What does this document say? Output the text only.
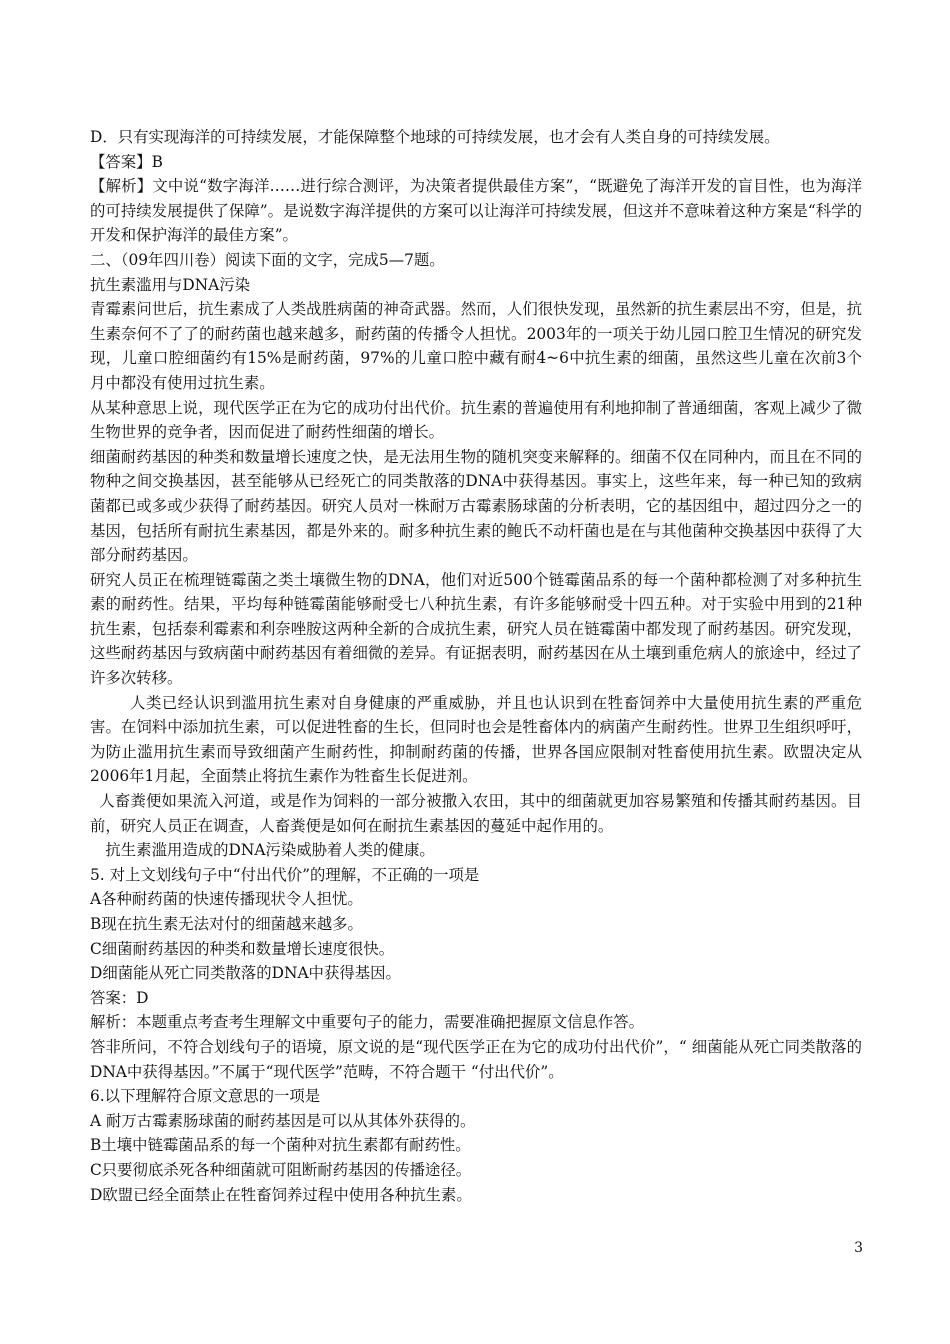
D．只有实现海洋的可持续发展，才能保障整个地球的可持续发展，也才会有人类自身的可持续发展。

【答案】B

【解析】文中说“数字海洋……进行综合测评，为决策者提供最佳方案”，“既避免了海洋开发的盲目性，也为海洋的可持续发展提供了保障”。是说数字海洋提供的方案可以让海洋可持续发展，但这并不意味着这种方案是“科学的开发和保护海洋的最佳方案”。

二、（09年四川卷）阅读下面的文字，完成5—7题。

抗生素滥用与DNA污染

青霉素问世后，抗生素成了人类战胜病菌的神奇武器。然而，人们很快发现，虽然新的抗生素层出不穷，但是，抗生素奈何不了了的耐药菌也越来越多，耐药菌的传播令人担忧。2003年的一项关于幼儿园口腔卫生情况的研究发现，儿童口腔细菌约有15%是耐药菌，97%的儿童口腔中藏有耐4~6中抗生素的细菌，虽然这些儿童在次前3个月中都没有使用过抗生素。

从某种意思上说，现代医学正在为它的成功付出代价。抗生素的普遍使用有利地抑制了普通细菌，客观上减少了微生物世界的竞争者，因而促进了耐药性细菌的增长。

细菌耐药基因的种类和数量增长速度之快，是无法用生物的随机突变来解释的。细菌不仅在同种内，而且在不同的物种之间交换基因，甚至能够从已经死亡的同类散落的DNA中获得基因。事实上，这些年来，每一种已知的致病菌都已或多或少获得了耐药基因。研究人员对一株耐万古霉素肠球菌的分析表明，它的基因组中，超过四分之一的基因，包括所有耐抗生素基因，都是外来的。耐多种抗生素的鲍氏不动杆菌也是在与其他菌种交换基因中获得了大部分耐药基因。

研究人员正在梳理链霉菌之类土壤微生物的DNA，他们对近500个链霉菌品系的每一个菌种都检测了对多种抗生素的耐药性。结果，平均每种链霉菌能够耐受七八种抗生素，有许多能够耐受十四五种。对于实验中用到的21种抗生素，包括泰利霉素和利奈唑胺这两种全新的合成抗生素，研究人员在链霉菌中都发现了耐药基因。研究发现，这些耐药基因与致病菌中耐药基因有着细微的差异。有证据表明，耐药基因在从土壤到重危病人的旅途中，经过了许多次转移。

人类已经认识到滥用抗生素对自身健康的严重威胁，并且也认识到在牲畜饲养中大量使用抗生素的严重危害。在饲料中添加抗生素，可以促进牲畜的生长，但同时也会是牲畜体内的病菌产生耐药性。世界卫生组织呼吁，为防止滥用抗生素而导致细菌产生耐药性，抑制耐药菌的传播，世界各国应限制对牲畜使用抗生素。欧盟决定从2006年1月起，全面禁止将抗生素作为牲畜生长促进剂。

人畜粪便如果流入河道，或是作为饲料的一部分被撒入农田，其中的细菌就更加容易繁殖和传播其耐药基因。目前，研究人员正在调查，人畜粪便是如何在耐抗生素基因的蔓延中起作用的。

抗生素滥用造成的DNA污染威胁着人类的健康。

5. 对上文划线句子中“付出代价”的理解，不正确的一项是

A各种耐药菌的快速传播现状令人担忧。

B现在抗生素无法对付的细菌越来越多。

C细菌耐药基因的种类和数量增长速度很快。

D细菌能从死亡同类散落的DNA中获得基因。

答案：D

解析：本题重点考查考生理解文中重要句子的能力，需要准确把握原文信息作答。

答非所问，不符合划线句子的语境，原文说的是“现代医学正在为它的成功付出代价”，“ 细菌能从死亡同类散落的DNA中获得基因。”不属于“现代医学”范畴，不符合题干 “付出代价”。

6.以下理解符合原文意思的一项是

A 耐万古霉素肠球菌的耐药基因是可以从其体外获得的。

B土壤中链霉菌品系的每一个菌种对抗生素都有耐药性。

C只要彻底杀死各种细菌就可阻断耐药基因的传播途径。

D欧盟已经全面禁止在牲畜饲养过程中使用各种抗生素。

3
